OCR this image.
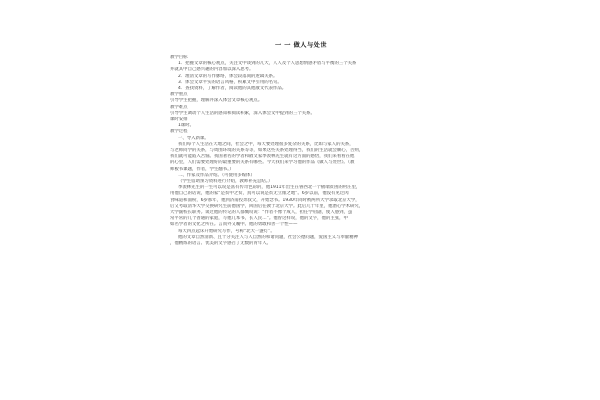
一 一 做人与处世
教学目标
1．把握文章的核心观点，关注文中谈到的几大，人人及个人思想情感矛盾与平衡的三个关系
并就其中自己感兴趣的内容加以深入思考。
2．理清文章的写作脉络，体会段落间的逻辑关系。
3．体会文章平实的语言风格，积累文中引用的名句。
4．查找资料，了解作者，阅读他的其他散文代表作品。
教学重点
引导学生把握，理解并深入体会文章核心观点。
教学难点
引导学生调动个人生活的感知和阅读积累，深入体会文中提到的三个关系。
课时安排
1课时。
教学过程
一、导入新课。
我们每个人生活在天地之间，社会之中，每天要处理很多复杂的关系，比如与家人的关系，
与老师同学的关系，与周围环境的关系等等，如果这些关系处理得当，我们的生活就会顺心，否则，
我们就可能陷入苦恼。我国著名的学者和散文家季羡林先生就有这方面的感悟，我们来看看在他
的心里，人们需要处理好的最重要的关系有哪些。今天我们来学习他的作品《做人与处世》。（教
师板书课题，作者，学生翻书。）
二、作家及作品介绍。（可使用多媒体）
（学生借助预习资料进行介绍，教师补充总结。）
季羡林先生的一生可以说是富有传奇色彩的，他1911年出生在鲁西北一个极端贫困的村庄里，
用他自己的话说，他的家“是贫中之贫，真可以说是贫无立锥之地”。6岁以前，他没有见过肉
食味道和面粉，6岁那年，他到济南投奔叔父，开始念书。1930年同时被两所大学录取北京大学，
后又考取清华大学交换研究生前德国学，回国后任教于北京大学。此后几十年里，他潜心学术研究，
大学副校长职务。谈过他的传记的人都慨叹说：“作者不像个成人，担任学府副，使人感到，虽
常平常的几个普通的家庭，写他几本书，长人民…”。他曾这样说，他的文字，他的主张，中
如名学者的文化之所在。言而外又魄中。他的勇敢和善一个性——
每天四点起床开始研究写作，号称“北大一盏灯”。
他的文章自然清新、且十分关注人与人自然的和谐问题，社会公德问题，爱国主义与奉献精神
，他精炼的语言、优美的文字感召了无数的青年人。
